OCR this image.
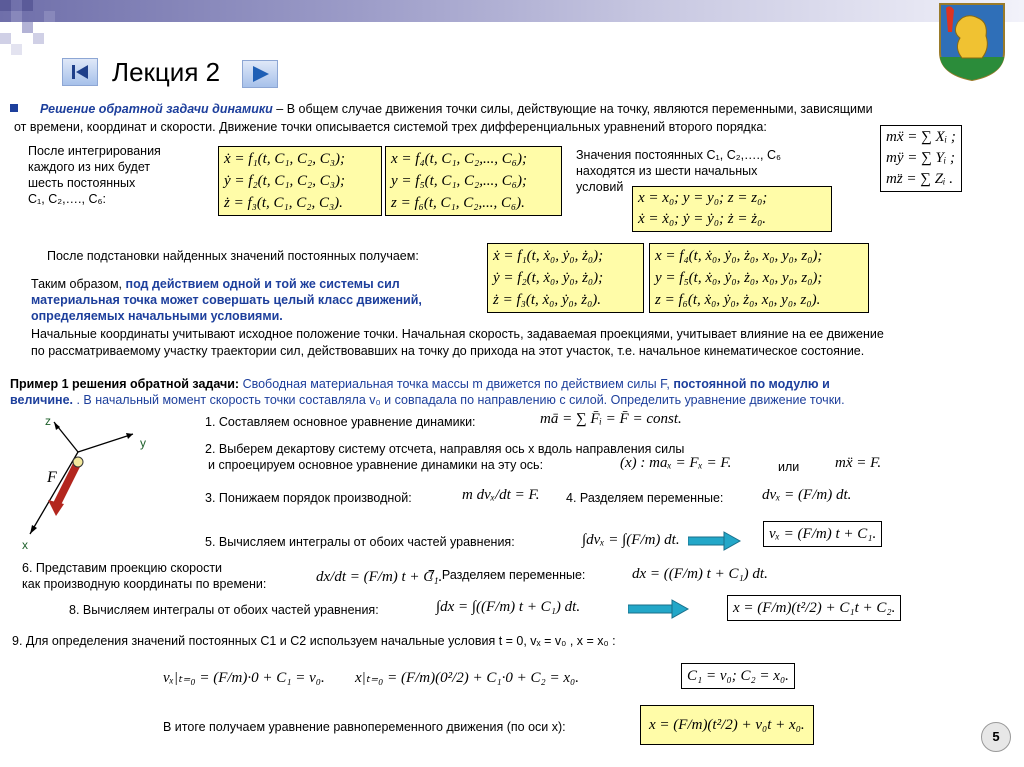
Лекция 2
Решение обратной задачи динамики – В общем случае движения точки силы, действующие на точку, являются переменными, зависящими
от времени, координат и скорости. Движение точки описывается системой трех дифференциальных уравнений второго порядка:
mẍ = ∑ Xᵢ ;
mÿ = ∑ Yᵢ ;
mz̈ = ∑ Zᵢ .
После интегрирования
каждого из них будет
шесть постоянных
C₁, C₂,…., C₆:
ẋ = f₁(t, C₁, C₂, C₃);
ẏ = f₂(t, C₁, C₂, C₃);
ż = f₃(t, C₁, C₂, C₃).
x = f₄(t, C₁, C₂,..., C₆);
y = f₅(t, C₁, C₂,..., C₆);
z = f₆(t, C₁, C₂,..., C₆).
Значения постоянных C₁, C₂,…., C₆
находятся из шести начальных
условий
x = x₀; y = y₀; z = z₀;
ẋ = ẋ₀; ẏ = ẏ₀; ż = ż₀.
После подстановки найденных значений постоянных получаем:	ẋ = f₁(t, ẋ₀, ẏ₀, ż₀);
ẏ = f₂(t, ẋ₀, ẏ₀, ż₀);
ż = f₃(t, ẋ₀, ẏ₀, ż₀).
x = f₄(t, ẋ₀, ẏ₀, ż₀, x₀, y₀, z₀);
y = f₅(t, ẋ₀, ẏ₀, ż₀, x₀, y₀, z₀);
z = f₆(t, ẋ₀, ẏ₀, ż₀, x₀, y₀, z₀).
Таким образом, под действием одной и той же системы сил
материальная точка может совершать целый класс движений,
определяемых начальными условиями.
Начальные координаты учитывают исходное положение точки. Начальная скорость, задаваемая проекциями, учитывает влияние на ее движение
по рассматриваемому участку траектории сил, действовавших на точку до прихода на этот участок, т.е. начальное кинематическое состояние.
Пример 1 решения обратной задачи: Свободная материальная точка массы m движется по действием силы F, постоянной по модулю и
величине. . В начальный момент скорость точки составляла v₀ и совпадала по направлению с силой. Определить уравнение движение точки.
z
y
x
F
1. Составляем основное уравнение динамики:	mā = ∑ F̄ᵢ = F̄ = const.
2. Выберем декартову систему отсчета, направляя ось x вдоль направления силы
и спроецируем основное уравнение динамики на эту ось:	(x) : maₓ = Fₓ = F.	или mẍ = F.
3. Понижаем порядок производной:	m dvₓ/dt = F. 4. Разделяем переменные:	dvₓ = (F/m) dt.
5. Вычисляем интегралы от обоих частей уравнения:	∫dvₓ = ∫(F/m) dt.	vₓ = (F/m) t + C₁.
6. Представим проекцию скорости
как производную координаты по времени:	dx/dt = (F/m) t + C₁.
7. Разделяем переменные:	dx = ((F/m) t + C₁) dt.
8. Вычисляем интегралы от обоих частей уравнения:	∫dx = ∫((F/m) t + C₁) dt.	x = (F/m)(t²/2) + C₁t + C₂.
9. Для определения значений постоянных С1 и С2 используем начальные условия t = 0, vₓ = v₀ , x = x₀ :
vₓ|ₜ₌₀ = (F/m)·0 + C₁ = v₀. x|ₜ₌₀ = (F/m)(0²/2) + C₁·0 + C₂ = x₀.	C₁ = v₀; C₂ = x₀.
В итоге получаем уравнение равнопеременного движения (по оси x):	x = (F/m)(t²/2) + v₀t + x₀.
5
